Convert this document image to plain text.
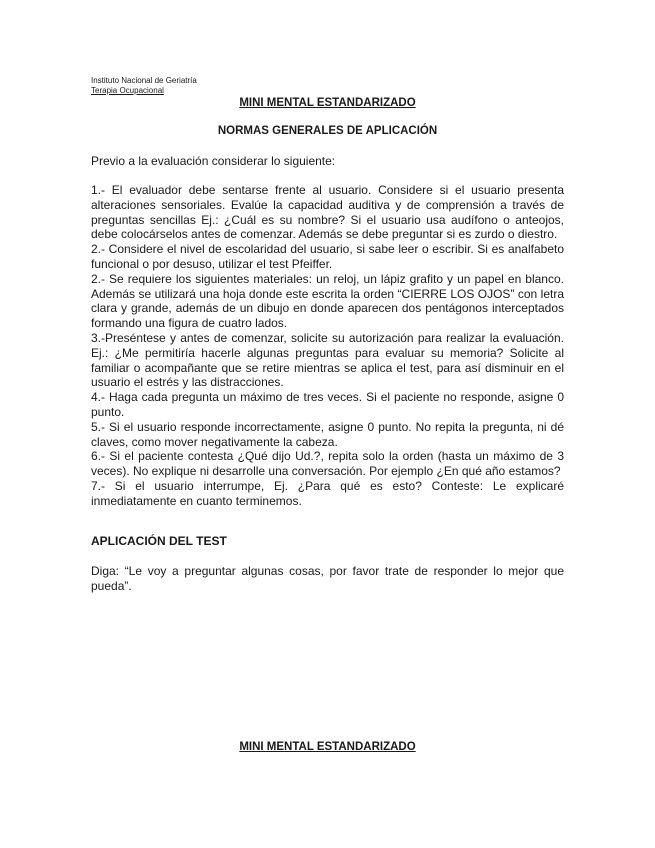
Instituto Nacional de Geriatría
Terapia Ocupacional
MINI MENTAL ESTANDARIZADO
NORMAS GENERALES DE APLICACIÓN
Previo a la evaluación considerar lo siguiente:

1.- El evaluador debe sentarse frente al usuario. Considere si el usuario presenta alteraciones sensoriales. Evalúe la capacidad auditiva y de comprensión a través de preguntas sencillas Ej.: ¿Cuál es su nombre? Si el usuario usa audífono o anteojos, debe colocárselos antes de comenzar. Además se debe preguntar si es zurdo o diestro.

2.- Considere el nivel de escolaridad del usuario, si sabe leer o escribir. Si es analfabeto funcional o por desuso, utilizar el test Pfeiffer.

2.- Se requiere los siguientes materiales: un reloj, un lápiz grafito y un papel en blanco. Además se utilizará una hoja donde este escrita la orden “CIERRE LOS OJOS” con letra clara y grande, además de un dibujo en donde aparecen dos pentágonos interceptados formando una figura de cuatro lados.

3.-Preséntese y antes de comenzar, solicite su autorización para realizar la evaluación. Ej.: ¿Me permitiría hacerle algunas preguntas para evaluar su memoria? Solicite al familiar o acompañante que se retire mientras se aplica el test, para así disminuir en el usuario el estrés y las distracciones.

4.- Haga cada pregunta un máximo de tres veces. Si el paciente no responde, asigne 0 punto.

5.- Si el usuario responde incorrectamente, asigne 0 punto. No repita la pregunta, ni dé claves, como mover negativamente la cabeza.

6.- Si el paciente contesta ¿Qué dijo Ud.?, repita solo la orden (hasta un máximo de 3 veces). No explique ni desarrolle una conversación. Por ejemplo ¿En qué año estamos?

7.- Si el usuario interrumpe, Ej. ¿Para qué es esto? Conteste: Le explicaré inmediatamente en cuanto terminemos.

APLICACIÓN DEL TEST
Diga: “Le voy a preguntar algunas cosas, por favor trate de responder lo mejor que pueda”.
MINI MENTAL ESTANDARIZADO
